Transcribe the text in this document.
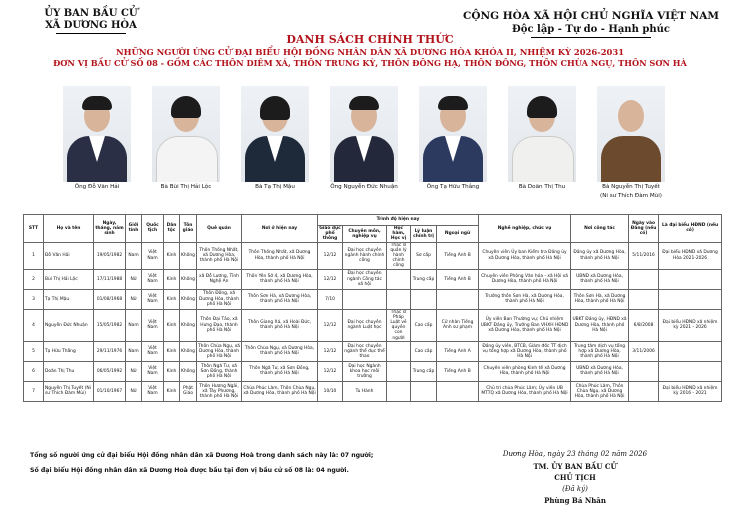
ỦY BAN BẦU CỬ
XÃ DƯƠNG HÒA
CỘNG HÒA XÃ HỘI CHỦ NGHĨA VIỆT NAM
Độc lập - Tự do - Hạnh phúc
DANH SÁCH CHÍNH THỨC
NHỮNG NGƯỜI ỨNG CỬ ĐẠI BIỂU HỘI ĐỒNG NHÂN DÂN XÃ DƯƠNG HÒA KHÓA II, NHIỆM KỲ 2026-2031
ĐƠN VỊ BẦU CỬ SỐ 08 - GỒM CÁC THÔN DIÊM XÁ, THÔN TRUNG KỲ, THÔN ĐÔNG HẠ, THÔN ĐÔNG, THÔN CHÙA NGỤ, THÔN SƠN HÀ
Ông Đỗ Văn Hải	Bà Bùi Thị Hải Lộc	Bà Tạ Thị Mậu	Ông Nguyễn Đức Nhuận	Ông Tạ Hữu Thắng	Bà Doãn Thị Thu	Bà Nguyễn Thị Tuyết
(Ni sư Thích Đàm Mùi)
STT	Họ và tên	Ngày, tháng, năm sinh	Giới tính	Quốc tịch	Dân tộc	Tôn giáo	Quê quán	Nơi ở hiện nay	Trình độ hiện nay					Nghề nghiệp, chức vụ	Nơi công tác	Ngày vào Đảng (nếu có)	Là đại biểu HĐND (nếu có)
									Giáo dục phổ thông	Chuyên môn, nghiệp vụ	Học hàm, Học vị	Lý luận chính trị	Ngoại ngữ				
1	Đỗ Văn Hải	19/05/1982	Nam	Việt Nam	Kinh	Không	Thôn Thống Nhất, xã Dương Hòa, thành phố Hà Nội	Thôn Thống Nhất, xã Dương Hòa, thành phố Hà Nội	12/12	Đại học chuyên ngành hành chính công	Thạc sĩ quản lý hành chính công	Sơ cấp	Tiếng Anh B	Chuyên viên Ủy ban Kiểm tra Đảng ủy xã Dương Hòa, thành phố Hà Nội	Đảng ủy xã Dương Hòa, thành phố Hà Nội	5/11/2016	Đại biểu HĐND xã Dương Hòa 2021-2026
2	Bùi Thị Hải Lộc	17/11/1988	Nữ	Việt Nam	Kinh	Không	xã Đỗ Lương, Tỉnh Nghệ An	Thôn Yên Sở 4, xã Dương Hòa, thành phố Hà Nội	12/12	Đại học chuyên ngành Công tác xã hội		Trung cấp	Tiếng Anh B	Chuyên viên Phòng Văn hóa - xã Hội xã Dương Hòa, thành phố Hà Nội	UBND xã Dương Hòa, thành phố Hà Nội		
3	Tạ Thị Mậu	01/08/1968	Nữ	Việt Nam	Kinh	Không	Thôn Đông, xã Dương Hòa, thành phố Hà Nội	Thôn Sơn Hà, xã Dương Hòa, thành phố Hà Nội	7/10					Trưởng thôn Sơn Hà, xã Dương Hòa, thành phố Hà Nội	Thôn Sơn Hà, xã Dương Hòa, thành phố Hà Nội		
4	Nguyễn Đức Nhuận	15/05/1982	Nam	Việt Nam	Kinh	Không	Thôn Đại Tảo, xã Hưng Đạo, thành phố Hà Nội	Thôn Giang Xá, xã Hoài Đức, thành phố Hà Nội	12/12	Đại học chuyên ngành Luật học	Thạc sĩ Pháp Luật về quyền con người	Cao cấp	Cử nhân Tiếng Anh sư phạm	Ủy viên Ban Thường vụ; Chủ nhiệm UBKT Đảng ủy, Trưởng Ban VHXH HĐND xã Dương Hòa, thành phố Hà Nội	UBKT Đảng ủy, HĐND xã Dương Hòa, thành phố Hà Nội	6/8/2008	Đại biểu HĐND xã nhiệm kỳ 2021 - 2026
5	Tạ Hữu Thắng	29/11/1976	Nam	Việt Nam	Kinh	Không	Thôn Chùa Ngụ, xã Dương Hòa, thành phố Hà Nội	Thôn Chùa Ngụ, xã Dương Hòa, thành phố Hà Nội	12/12	Đại học chuyên ngành thể dục thể thao		Cao cấp	Tiếng Anh A	Đảng ủy viên, BTCB, Giám đốc TT dịch vụ tổng hợp xã Dương Hòa, thành phố Hà Nội	Trung tâm dịch vụ tổng hợp xã Dương Hòa, thành phố Hà Nội	3/11/2006	
6	Doãn Thị Thu	06/05/1992	Nữ	Việt Nam	Kinh	Không	Thôn Ngã Tư, xã Sơn Đồng, thành phố Hà Nội	Thôn Ngã Tư, xã Sơn Đồng, thành phố Hà Nội	12/12	Đại học Ngành khoa học môi trường		Trung cấp	Tiếng Anh B	Chuyên viên phòng Kinh tế xã Dương Hòa, thành phố Hà Nội	UBND xã Dương Hòa, thành phố Hà Nội		
7	Nguyễn Thị Tuyết (Ni sư Thích Đàm Mùi)	01/10/1967	Nữ	Việt Nam	Kinh	Phật Giáo	Thôn Hương Ngải, xã Tây Phương, thành phố Hà Nội	Chùa Phúc Lâm, Thôn Chùa Ngụ, xã Dương Hòa, thành phố Hà Nội	10/10	Tu Hành				Chủ trì chùa Phúc Lâm; Ủy viên UB MTTQ xã Dương Hòa, thành phố Hà Nội	Chùa Phúc Lâm, Thôn Chùa Ngụ, xã Dương Hòa, thành phố Hà Nội		Đại biểu HĐND xã nhiệm kỳ 2016 - 2021
Tổng số người ứng cử đại biểu Hội đồng nhân dân xã Dương Hoà trong danh sách này là: 07 người;
Số đại biểu Hội đồng nhân dân xã Dương Hoà được bầu tại đơn vị bầu cử số 08 là: 04 người.
Dương Hòa, ngày 23 tháng 02 năm 2026
TM. ỦY BAN BẦU CỬ
CHỦ TỊCH
(Đã ký)
Phùng Bá Nhân
